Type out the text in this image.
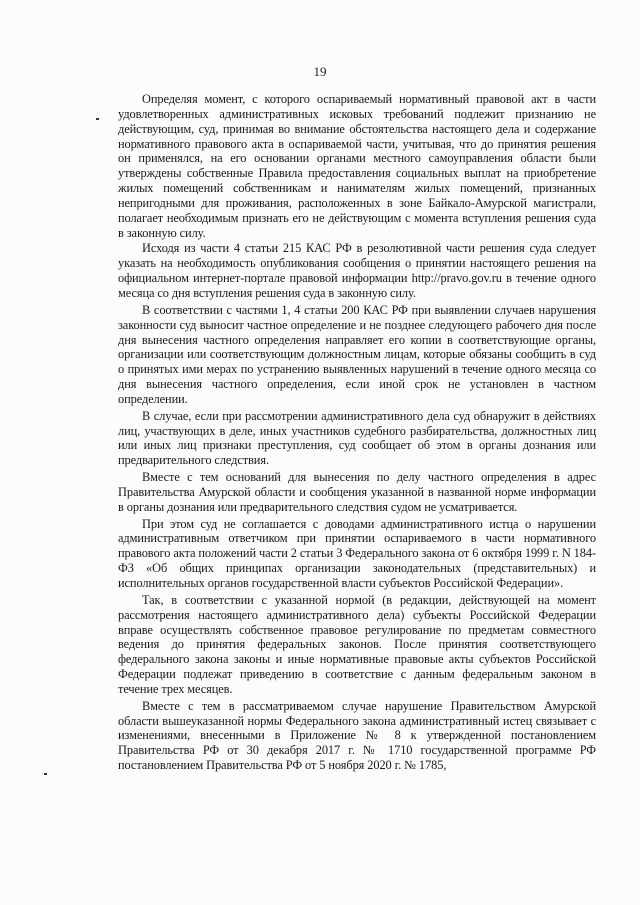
19

Определяя момент, с которого оспариваемый нормативный правовой акт в части удовлетворенных административных исковых требований подлежит признанию не действующим, суд, принимая во внимание обстоятельства настоящего дела и содержание нормативного правового акта в оспариваемой части, учитывая, что до принятия решения он применялся, на его основании органами местного самоуправления области были утверждены собственные Правила предоставления социальных выплат на приобретение жилых помещений собственникам и нанимателям жилых помещений, признанных непригодными для проживания, расположенных в зоне Байкало-Амурской магистрали, полагает необходимым признать его не действующим с момента вступления решения суда в законную силу.

Исходя из части 4 статьи 215 КАС РФ в резолютивной части решения суда следует указать на необходимость опубликования сообщения о принятии настоящего решения на официальном интернет-портале правовой информации http://pravo.gov.ru в течение одного месяца со дня вступления решения суда в законную силу.

В соответствии с частями 1, 4 статьи 200 КАС РФ при выявлении случаев нарушения законности суд выносит частное определение и не позднее следующего рабочего дня после дня вынесения частного определения направляет его копии в соответствующие органы, организации или соответствующим должностным лицам, которые обязаны сообщить в суд о принятых ими мерах по устранению выявленных нарушений в течение одного месяца со дня вынесения частного определения, если иной срок не установлен в частном определении.

В случае, если при рассмотрении административного дела суд обнаружит в действиях лиц, участвующих в деле, иных участников судебного разбирательства, должностных лиц или иных лиц признаки преступления, суд сообщает об этом в органы дознания или предварительного следствия.

Вместе с тем оснований для вынесения по делу частного определения в адрес Правительства Амурской области и сообщения указанной в названной норме информации в органы дознания или предварительного следствия судом не усматривается.

При этом суд не соглашается с доводами административного истца о нарушении административным ответчиком при принятии оспариваемого в части нормативного правового акта положений части 2 статьи 3 Федерального закона от 6 октября 1999 г. N 184-ФЗ «Об общих принципах организации законодательных (представительных) и исполнительных органов государственной власти субъектов Российской Федерации».

Так, в соответствии с указанной нормой (в редакции, действующей на момент рассмотрения настоящего административного дела) субъекты Российской Федерации вправе осуществлять собственное правовое регулирование по предметам совместного ведения до принятия федеральных законов. После принятия соответствующего федерального закона законы и иные нормативные правовые акты субъектов Российской Федерации подлежат приведению в соответствие с данным федеральным законом в течение трех месяцев.

Вместе с тем в рассматриваемом случае нарушение Правительством Амурской области вышеуказанной нормы Федерального закона административный истец связывает с изменениями, внесенными в Приложение № 8 к утвержденной постановлением Правительства РФ от 30 декабря 2017 г. № 1710 государственной программе РФ постановлением Правительства РФ от 5 ноября 2020 г. № 1785,
